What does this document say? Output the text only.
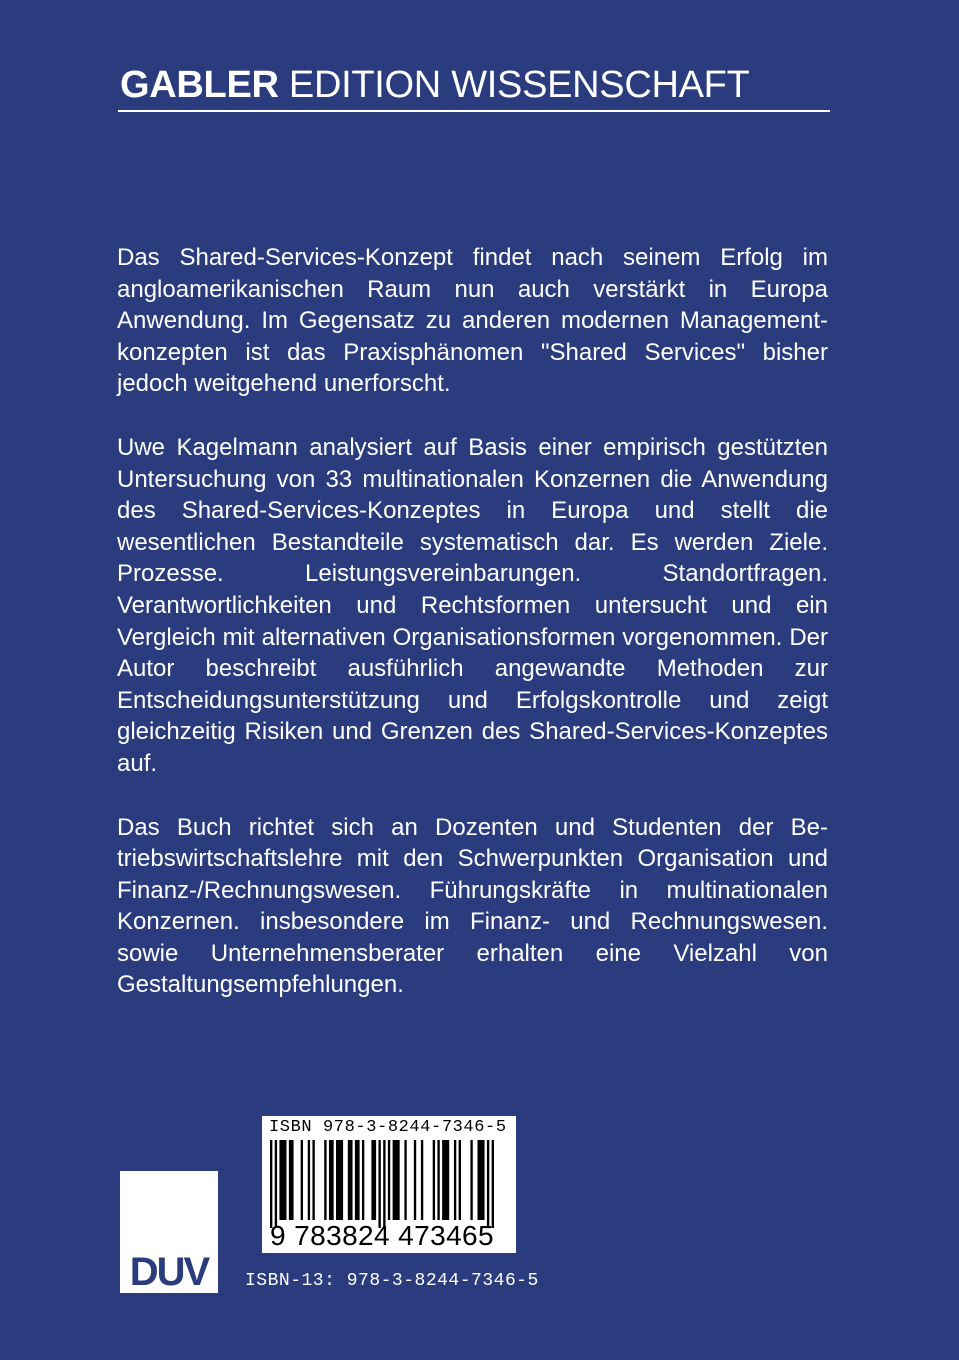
GABLER EDITION WISSENSCHAFT

Das Shared-Services-Konzept findet nach seinem Erfolg im angloamerikanischen Raum nun auch verstärkt in Europa Anwendung. Im Gegensatz zu anderen modernen Managementkonzepten ist das Praxisphänomen "Shared Services" bisher jedoch weitgehend unerforscht.

Uwe Kagelmann analysiert auf Basis einer empirisch gestützten Untersuchung von 33 multinationalen Konzernen die Anwendung des Shared-Services-Konzeptes in Europa und stellt die wesentlichen Bestandteile systematisch dar. Es werden Ziele. Prozesse. Leistungsvereinbarungen. Standortfragen. Verantwortlichkeiten und Rechtsformen untersucht und ein Vergleich mit alternativen Organisationsformen vorgenommen. Der Autor beschreibt ausführlich angewandte Methoden zur Entscheidungsunterstützung und Erfolgskontrolle und zeigt gleichzeitig Risiken und Grenzen des Shared-Services-Konzeptes auf.

Das Buch richtet sich an Dozenten und Studenten der Betriebswirtschaftslehre mit den Schwerpunkten Organisation und Finanz-/Rechnungswesen. Führungskräfte in multinationalen Konzernen. insbesondere im Finanz- und Rechnungswesen. sowie Unternehmensberater erhalten eine Vielzahl von Gestaltungsempfehlungen.

ISBN 978-3-8244-7346-5
9 783824 473465
DUV	ISBN-13: 978-3-8244-7346-5
